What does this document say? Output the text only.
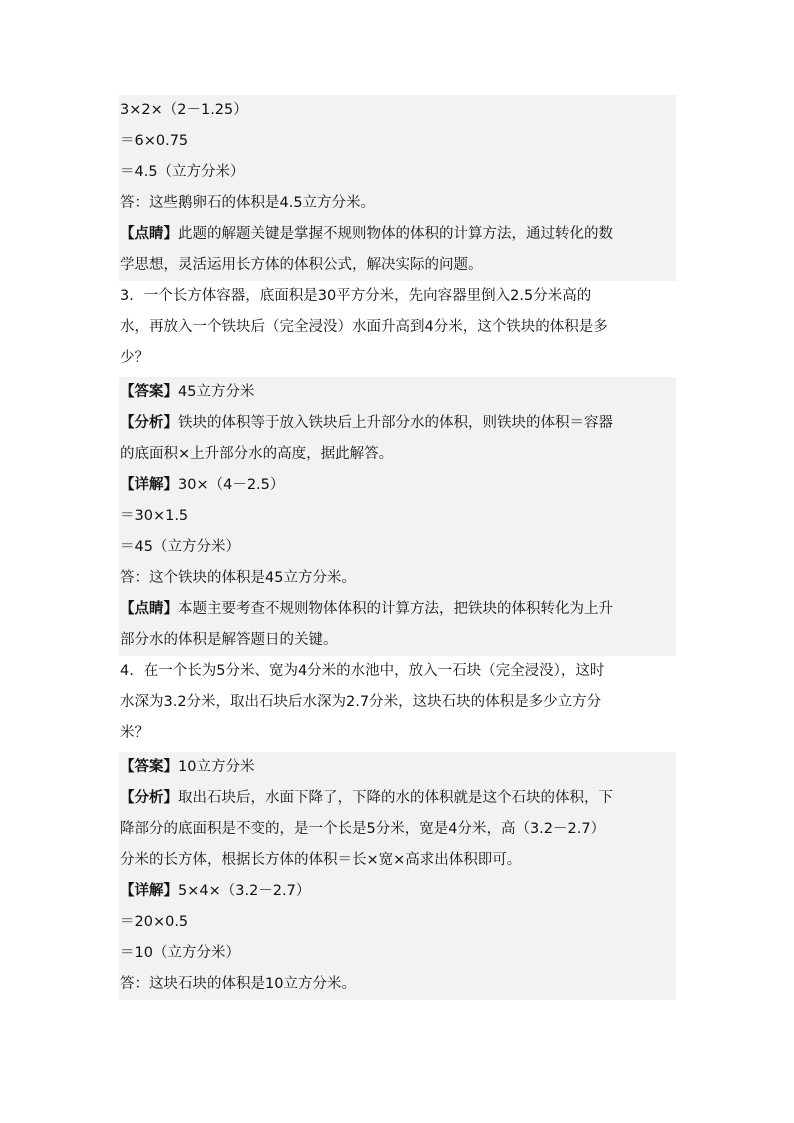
3×2×（2－1.25）
＝6×0.75
＝4.5（立方分米）
答：这些鹅卵石的体积是4.5立方分米。
【点睛】此题的解题关键是掌握不规则物体的体积的计算方法，通过转化的数
学思想，灵活运用长方体的体积公式，解决实际的问题。
3．一个长方体容器，底面积是30平方分米，先向容器里倒入2.5分米高的
水，再放入一个铁块后（完全浸没）水面升高到4分米，这个铁块的体积是多
少？
【答案】45立方分米
【分析】铁块的体积等于放入铁块后上升部分水的体积，则铁块的体积＝容器
的底面积×上升部分水的高度，据此解答。
【详解】30×（4－2.5）
＝30×1.5
＝45（立方分米）
答：这个铁块的体积是45立方分米。
【点睛】本题主要考查不规则物体体积的计算方法，把铁块的体积转化为上升
部分水的体积是解答题日的关键。
4．在一个长为5分米、宽为4分米的水池中，放入一石块（完全浸没），这时
水深为3.2分米，取出石块后水深为2.7分米，这块石块的体积是多少立方分
米？
【答案】10立方分米
【分析】取出石块后，水面下降了，下降的水的体积就是这个石块的体积，下
降部分的底面积是不变的，是一个长是5分米，宽是4分米，高（3.2－2.7）
分米的长方体，根据长方体的体积＝长×宽×高求出体积即可。
【详解】5×4×（3.2－2.7）
＝20×0.5
＝10（立方分米）
答：这块石块的体积是10立方分米。
